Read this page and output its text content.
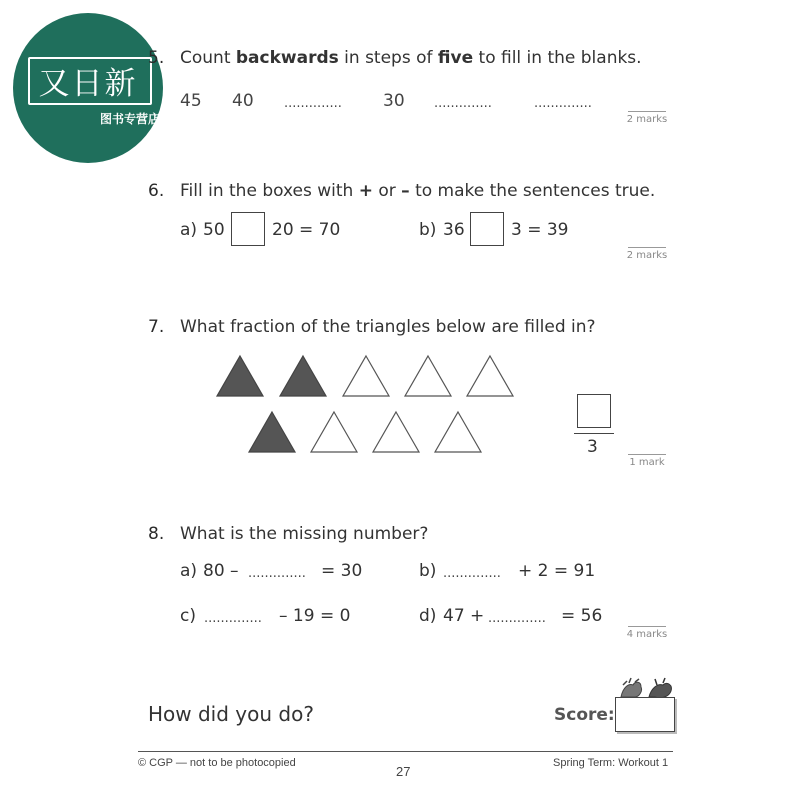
又日新
图书专营店
5. Count backwards in steps of five to fill in the blanks.
45 40 .............. 30 ..............	..............
2 marks
6. Fill in the boxes with + or – to make the sentences true.
a) 50	20 = 70	b) 36	3 = 39
2 marks
7. What fraction of the triangles below are filled in?
3
1 mark
8. What is the missing number?
a) 80 – .............. = 30	b) .............. + 2 = 91
c) .............. – 19 = 0	d) 47 + .............. = 56
4 marks
How did you do?	Score:
© CGP — not to be photocopied
27
Spring Term: Workout 1
